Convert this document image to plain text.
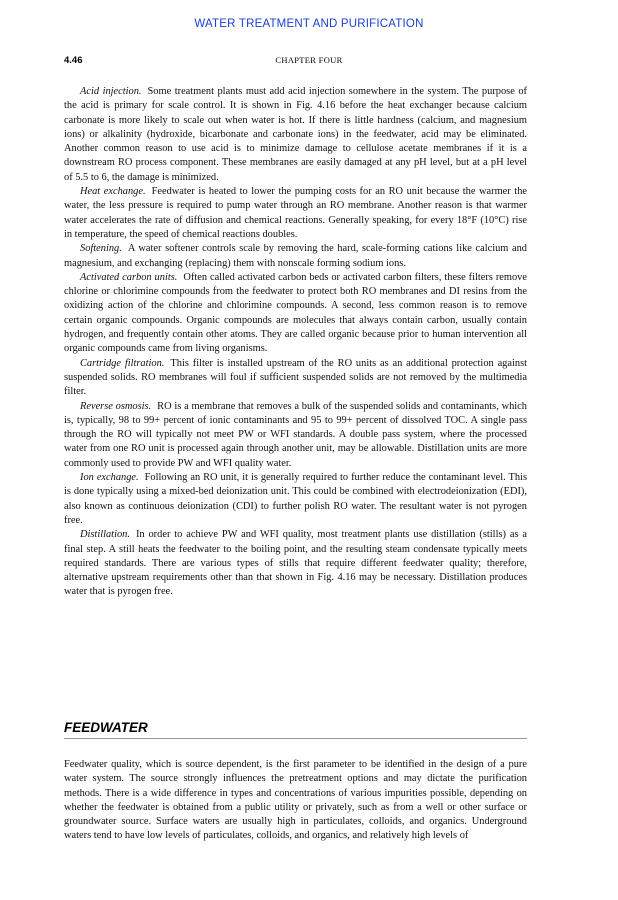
WATER TREATMENT AND PURIFICATION
4.46	CHAPTER FOUR

Acid injection. Some treatment plants must add acid injection somewhere in the system. The purpose of the acid is primary for scale control. It is shown in Fig. 4.16 before the heat exchanger because calcium carbonate is more likely to scale out when water is hot. If there is little hardness (calcium, and magnesium ions) or alkalinity (hydroxide, bicarbonate and carbonate ions) in the feedwater, acid may be eliminated. Another common reason to use acid is to minimize damage to cellulose acetate membranes if it is a downstream RO process component. These membranes are easily damaged at any pH level, but at a pH level of 5.5 to 6, the damage is minimized.

Heat exchange. Feedwater is heated to lower the pumping costs for an RO unit because the warmer the water, the less pressure is required to pump water through an RO membrane. Another reason is that warmer water accelerates the rate of diffusion and chemical reactions. Generally speaking, for every 18°F (10°C) rise in temperature, the speed of chemical reactions doubles.

Softening. A water softener controls scale by removing the hard, scale-forming cations like calcium and magnesium, and exchanging (replacing) them with nonscale forming sodium ions.

Activated carbon units. Often called activated carbon beds or activated carbon filters, these filters remove chlorine or chlorimine compounds from the feedwater to protect both RO membranes and DI resins from the oxidizing action of the chlorine and chlorimine compounds. A second, less common reason is to remove certain organic compounds. Organic compounds are molecules that always contain carbon, usually contain hydrogen, and frequently contain other atoms. They are called organic because prior to human intervention all organic compounds came from living organisms.

Cartridge filtration. This filter is installed upstream of the RO units as an additional protection against suspended solids. RO membranes will foul if sufficient suspended solids are not removed by the multimedia filter.

Reverse osmosis. RO is a membrane that removes a bulk of the suspended solids and contaminants, which is, typically, 98 to 99+ percent of ionic contaminants and 95 to 99+ percent of dissolved TOC. A single pass through the RO will typically not meet PW or WFI standards. A double pass system, where the processed water from one RO unit is processed again through another unit, may be allowable. Distillation units are more commonly used to provide PW and WFI quality water.

Ion exchange. Following an RO unit, it is generally required to further reduce the contaminant level. This is done typically using a mixed-bed deionization unit. This could be combined with electrodeionization (EDI), also known as continuous deionization (CDI) to further polish RO water. The resultant water is not pyrogen free.

Distillation. In order to achieve PW and WFI quality, most treatment plants use distillation (stills) as a final step. A still heats the feedwater to the boiling point, and the resulting steam condensate typically meets required standards. There are various types of stills that require different feedwater quality; therefore, alternative upstream requirements other than that shown in Fig. 4.16 may be necessary. Distillation produces water that is pyrogen free.

FEEDWATER

Feedwater quality, which is source dependent, is the first parameter to be identified in the design of a pure water system. The source strongly influences the pretreatment options and may dictate the purification methods. There is a wide difference in types and concentrations of various impurities possible, depending on whether the feedwater is obtained from a public utility or privately, such as from a well or other surface or groundwater source. Surface waters are usually high in particulates, colloids, and organics. Underground waters tend to have low levels of particulates, colloids, and organics, and relatively high levels of
